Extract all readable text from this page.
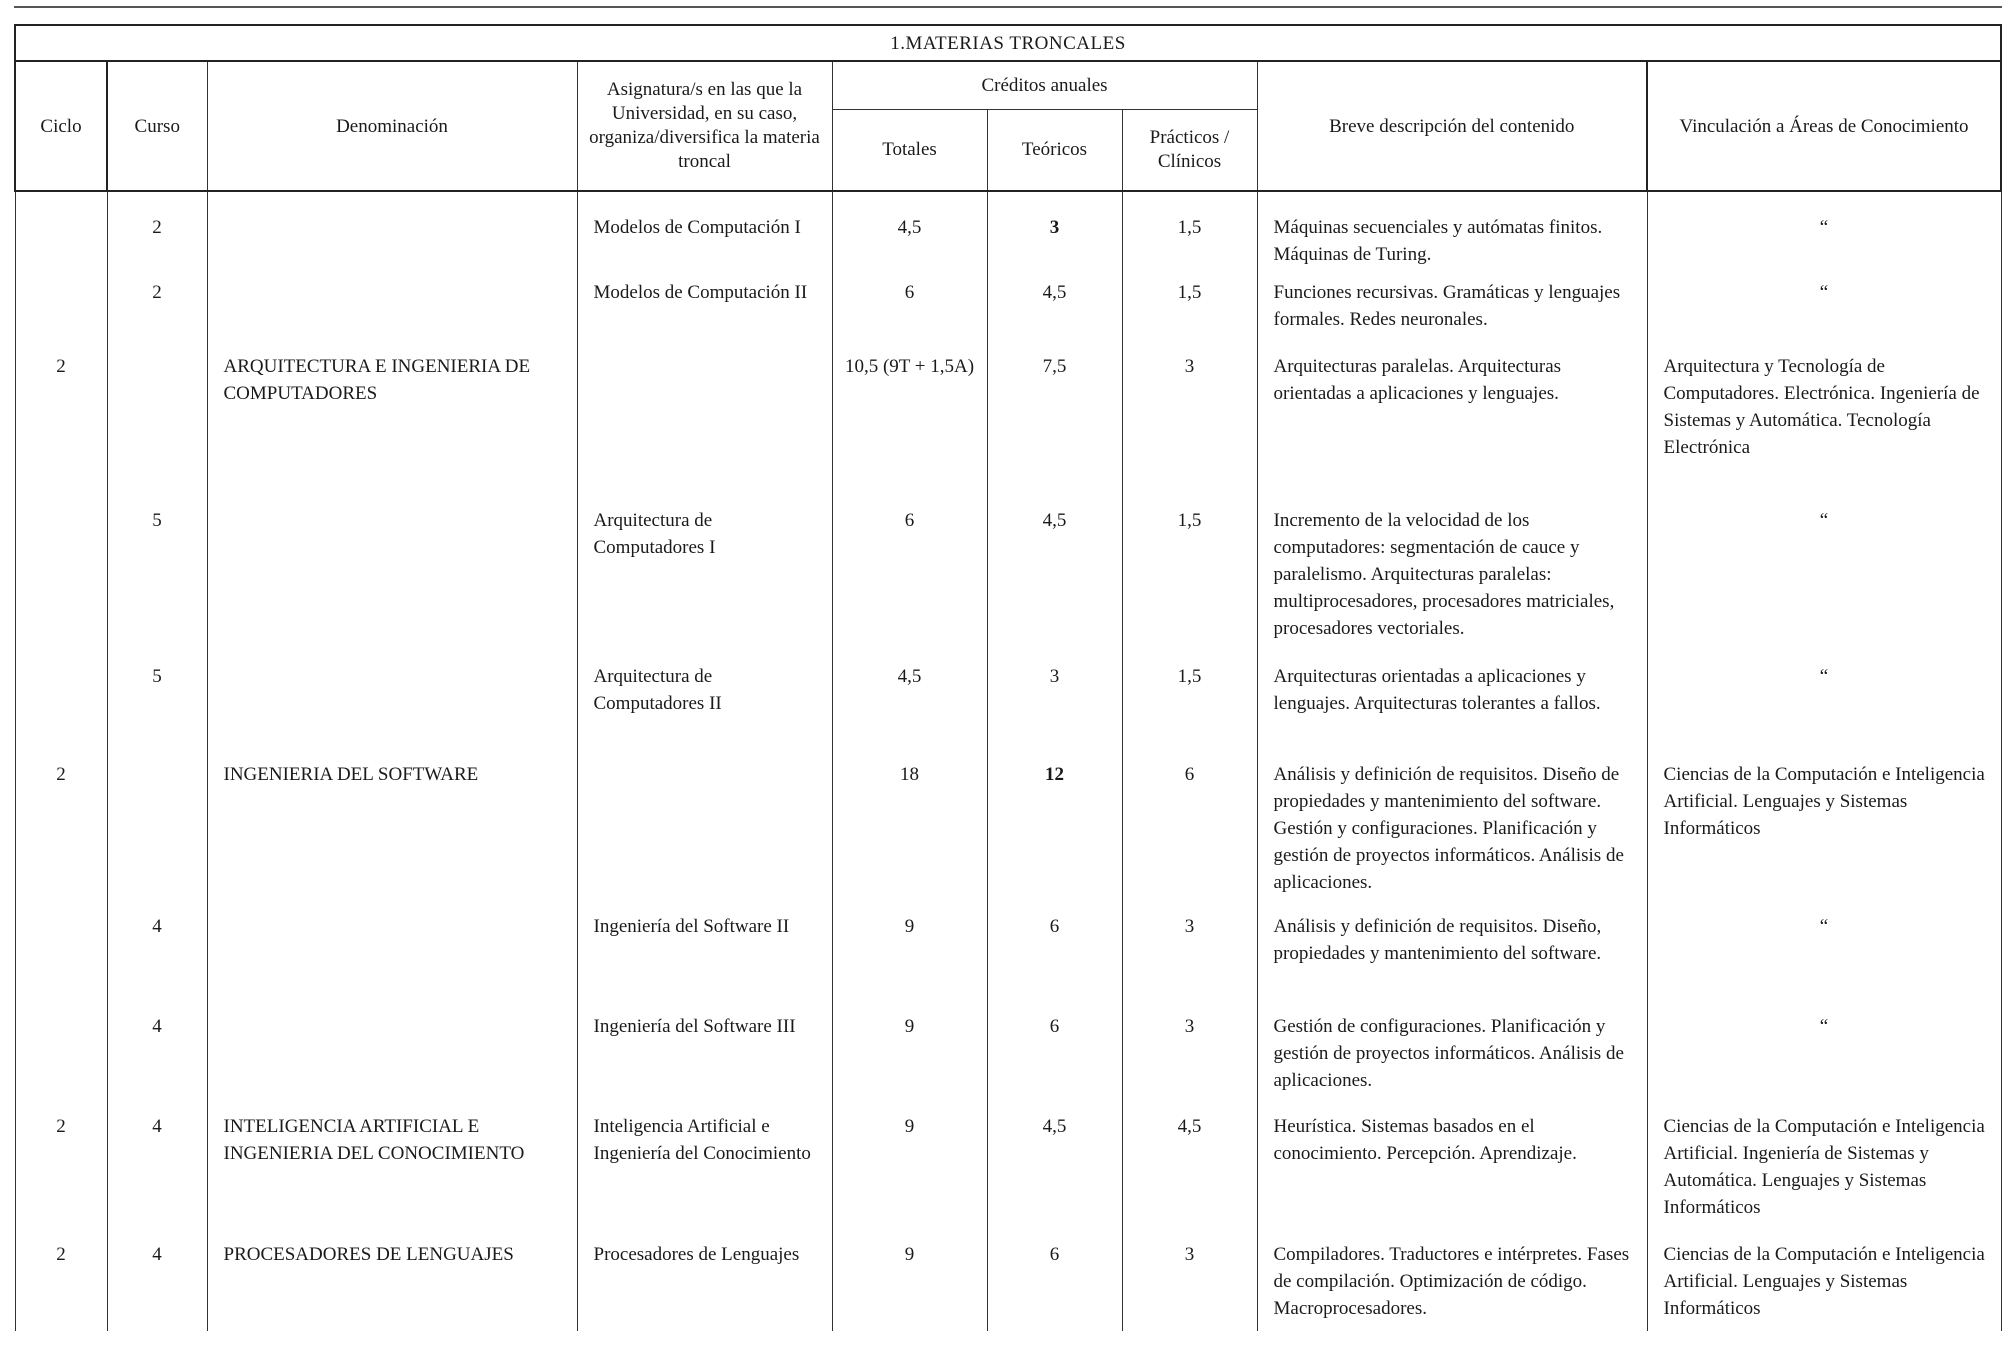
1.MATERIAS TRONCALES								
Ciclo	Curso	Denominación	Asignatura/s en las que la Universidad, en su caso, organiza/diversifica la materia troncal	Créditos anuales			Breve descripción del contenido	Vinculación a Áreas de Conocimiento
				Totales	Teóricos	Prácticos / Clínicos		
	2		Modelos de Computación I	4,5	3	1,5	Máquinas secuenciales y autómatas finitos. Máquinas de Turing.	“
	2		Modelos de Computación II	6	4,5	1,5	Funciones recursivas. Gramáticas y lenguajes formales. Redes neuronales.	“
2		ARQUITECTURA E INGENIERIA DE COMPUTADORES		10,5 (9T + 1,5A)	7,5	3	Arquitecturas paralelas. Arquitecturas orientadas a aplicaciones y lenguajes.	Arquitectura y Tecnología de Computadores. Electrónica. Ingeniería de Sistemas y Automática. Tecnología Electrónica
	5		Arquitectura de Computadores I	6	4,5	1,5	Incremento de la velocidad de los computadores: segmentación de cauce y paralelismo. Arquitecturas paralelas: multiprocesadores, procesadores matriciales, procesadores vectoriales.	“
	5		Arquitectura de Computadores II	4,5	3	1,5	Arquitecturas orientadas a aplicaciones y lenguajes. Arquitecturas tolerantes a fallos.	“
2		INGENIERIA DEL SOFTWARE		18	12	6	Análisis y definición de requisitos. Diseño de propiedades y mantenimiento del software. Gestión y configuraciones. Planificación y gestión de proyectos informáticos. Análisis de aplicaciones.	Ciencias de la Computación e Inteligencia Artificial. Lenguajes y Sistemas Informáticos
	4		Ingeniería del Software II	9	6	3	Análisis y definición de requisitos. Diseño, propiedades y mantenimiento del software.	“
	4		Ingeniería del Software III	9	6	3	Gestión de configuraciones. Planificación y gestión de proyectos informáticos. Análisis de aplicaciones.	“
2	4	INTELIGENCIA ARTIFICIAL E INGENIERIA DEL CONOCIMIENTO	Inteligencia Artificial e Ingeniería del Conocimiento	9	4,5	4,5	Heurística. Sistemas basados en el conocimiento. Percepción. Aprendizaje.	Ciencias de la Computación e Inteligencia Artificial. Ingeniería de Sistemas y Automática. Lenguajes y Sistemas Informáticos
2	4	PROCESADORES DE LENGUAJES	Procesadores de Lenguajes	9	6	3	Compiladores. Traductores e intérpretes. Fases de compilación. Optimización de código. Macroprocesadores.	Ciencias de la Computación e Inteligencia Artificial. Lenguajes y Sistemas Informáticos
